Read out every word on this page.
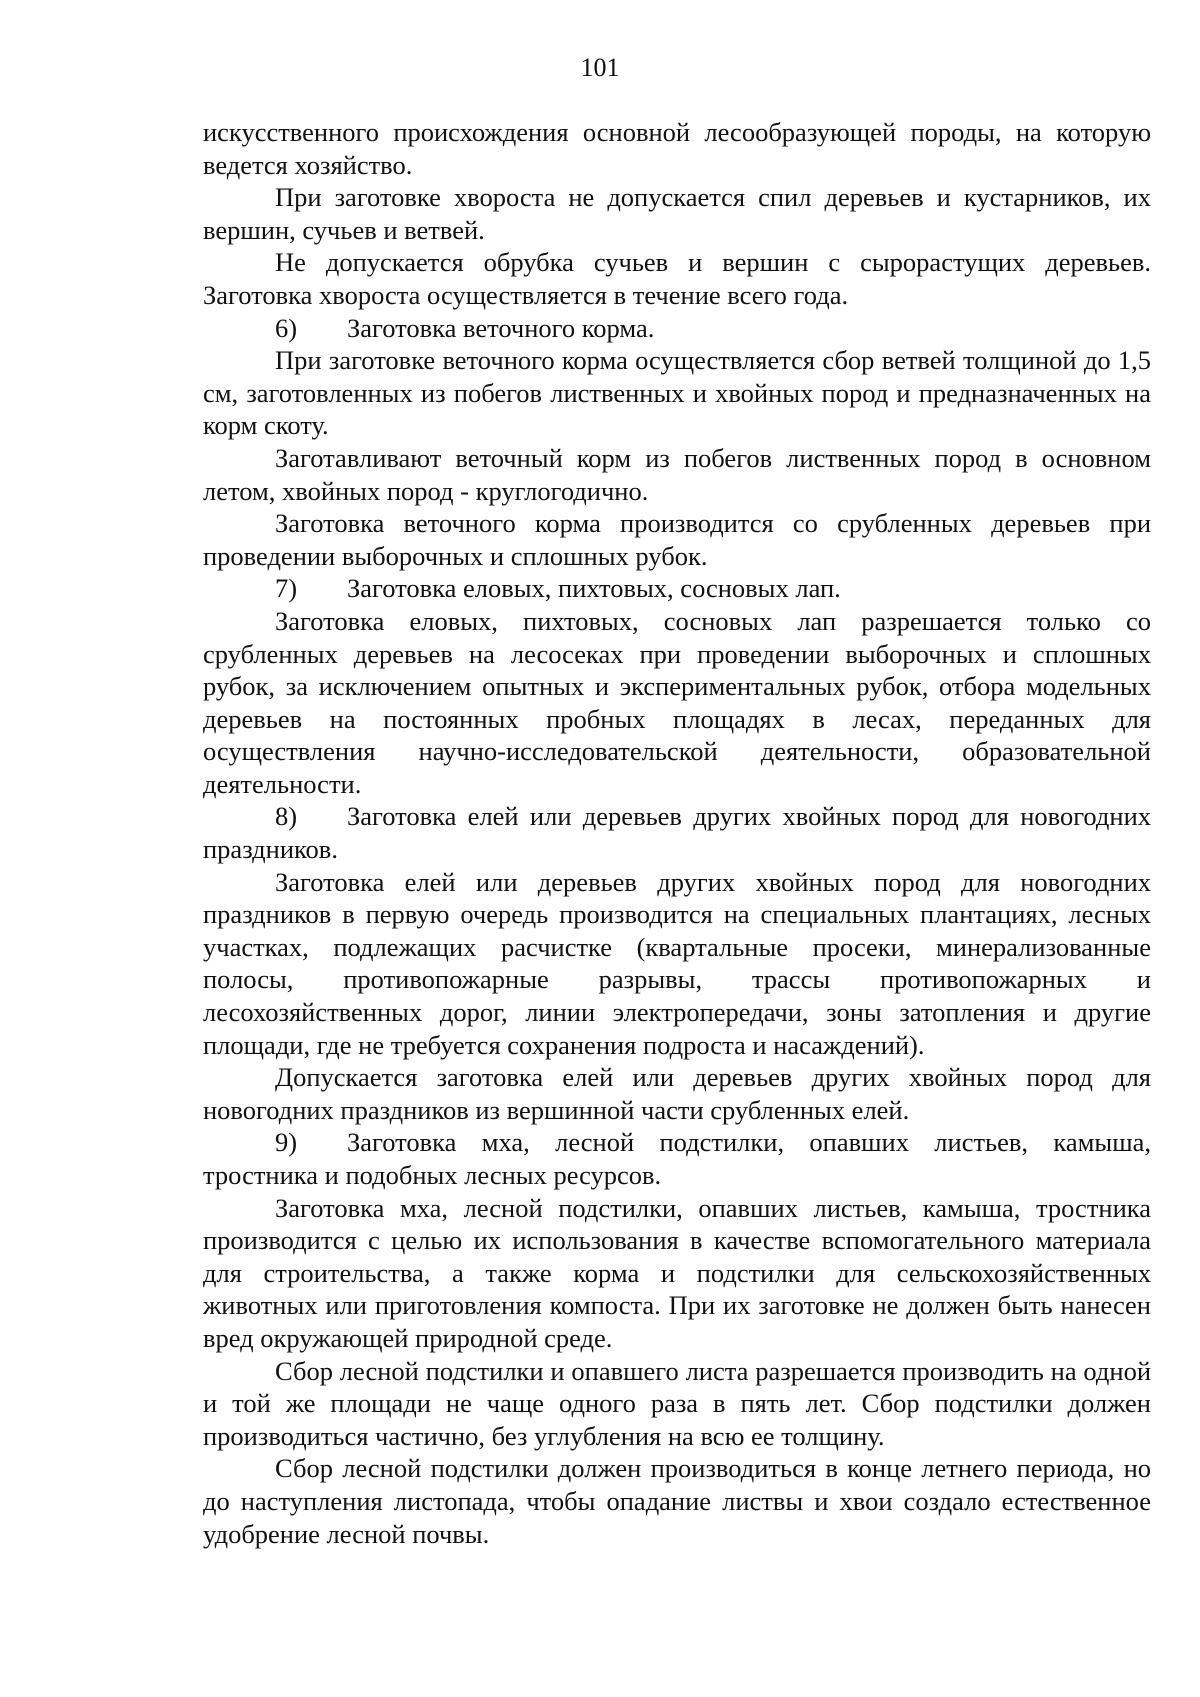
101

искусственного происхождения основной лесообразующей породы, на которую ведется хозяйство.

При заготовке хвороста не допускается спил деревьев и кустарников, их вершин, сучьев и ветвей.

Не допускается обрубка сучьев и вершин с сырорастущих деревьев. Заготовка хвороста осуществляется в течение всего года.

6) Заготовка веточного корма.

При заготовке веточного корма осуществляется сбор ветвей толщиной до 1,5 см, заготовленных из побегов лиственных и хвойных пород и предназначенных на корм скоту.

Заготавливают веточный корм из побегов лиственных пород в основном летом, хвойных пород - круглогодично.

Заготовка веточного корма производится со срубленных деревьев при проведении выборочных и сплошных рубок.

7) Заготовка еловых, пихтовых, сосновых лап.

Заготовка еловых, пихтовых, сосновых лап разрешается только со срубленных деревьев на лесосеках при проведении выборочных и сплошных рубок, за исключением опытных и экспериментальных рубок, отбора модельных деревьев на постоянных пробных площадях в лесах, переданных для осуществления научно-исследовательской деятельности, образовательной деятельности.

8) Заготовка елей или деревьев других хвойных пород для новогодних праздников.

Заготовка елей или деревьев других хвойных пород для новогодних праздников в первую очередь производится на специальных плантациях, лесных участках, подлежащих расчистке (квартальные просеки, минерализованные полосы, противопожарные разрывы, трассы противопожарных и лесохозяйственных дорог, линии электропередачи, зоны затопления и другие площади, где не требуется сохранения подроста и насаждений).

Допускается заготовка елей или деревьев других хвойных пород для новогодних праздников из вершинной части срубленных елей.

9) Заготовка мха, лесной подстилки, опавших листьев, камыша, тростника и подобных лесных ресурсов.

Заготовка мха, лесной подстилки, опавших листьев, камыша, тростника производится с целью их использования в качестве вспомогательного материала для строительства, а также корма и подстилки для сельскохозяйственных животных или приготовления компоста. При их заготовке не должен быть нанесен вред окружающей природной среде.

Сбор лесной подстилки и опавшего листа разрешается производить на одной и той же площади не чаще одного раза в пять лет. Сбор подстилки должен производиться частично, без углубления на всю ее толщину.

Сбор лесной подстилки должен производиться в конце летнего периода, но до наступления листопада, чтобы опадание листвы и хвои создало естественное удобрение лесной почвы.
